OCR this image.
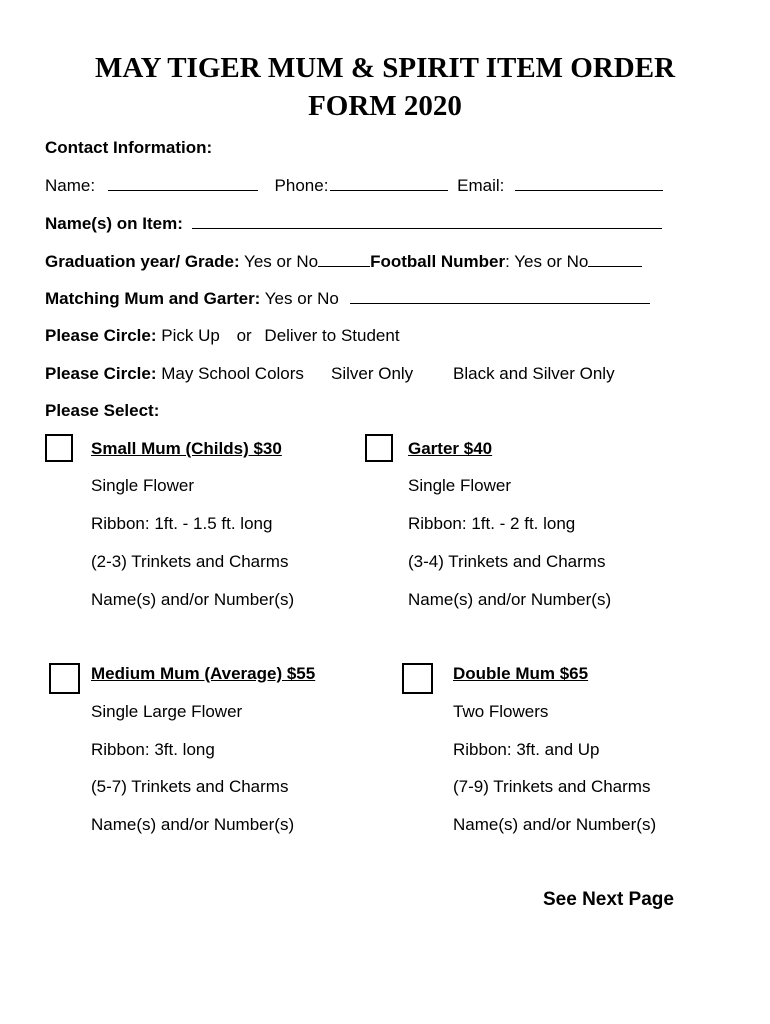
MAY TIGER MUM & SPIRIT ITEM ORDER
FORM 2020
Contact Information:
Name:	Phone:	Email:
Name(s) on Item:
Graduation year/ Grade: Yes or No	Football Number: Yes or No
Matching Mum and Garter: Yes or No
Please Circle: Pick Up or Deliver to Student
Please Circle: May School Colors Silver Only Black and Silver Only
Please Select:
Small Mum (Childs) $30
Single Flower
Ribbon: 1ft. - 1.5 ft. long
(2-3) Trinkets and Charms
Name(s) and/or Number(s)
Garter $40
Single Flower
Ribbon: 1ft. - 2 ft. long
(3-4) Trinkets and Charms
Name(s) and/or Number(s)
Medium Mum (Average) $55
Single Large Flower
Ribbon: 3ft. long
(5-7) Trinkets and Charms
Name(s) and/or Number(s)
Double Mum $65
Two Flowers
Ribbon: 3ft. and Up
(7-9) Trinkets and Charms
Name(s) and/or Number(s)
See Next Page
